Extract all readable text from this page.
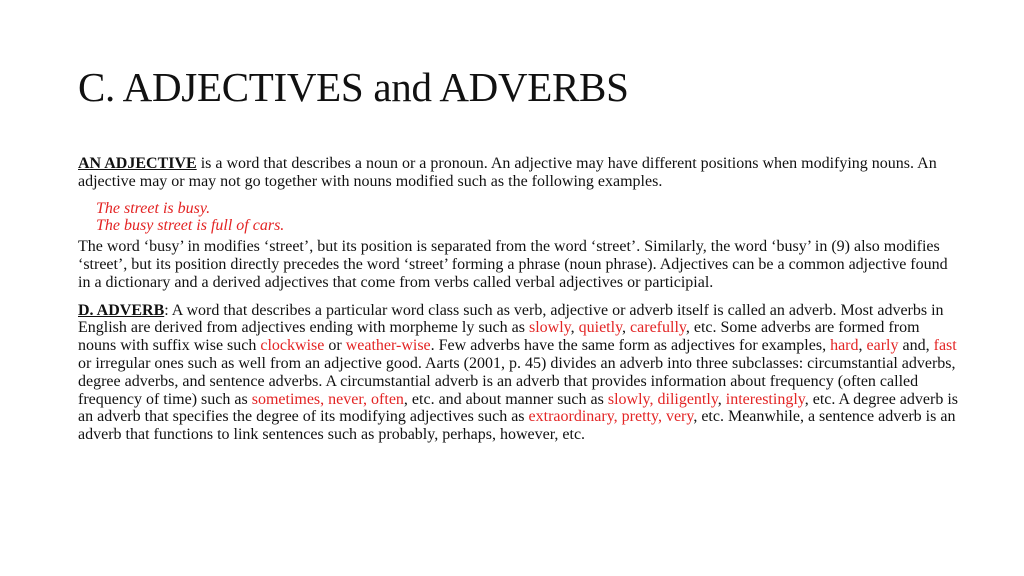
C. ADJECTIVES and ADVERBS

AN ADJECTIVE is a word that describes a noun or a pronoun. An adjective may have different positions when modifying nouns. An adjective may or may not go together with nouns modified such as the following examples.

The street is busy.
The busy street is full of cars.

The word ‘busy’ in modifies ‘street’, but its position is separated from the word ‘street’. Similarly, the word ‘busy’ in (9) also modifies ‘street’, but its position directly precedes the word ‘street’ forming a phrase (noun phrase). Adjectives can be a common adjective found in a dictionary and a derived adjectives that come from verbs called verbal adjectives or participial.

D. ADVERB: A word that describes a particular word class such as verb, adjective or adverb itself is called an adverb. Most adverbs in English are derived from adjectives ending with morpheme ly such as slowly, quietly, carefully, etc. Some adverbs are formed from nouns with suffix wise such clockwise or weather-wise. Few adverbs have the same form as adjectives for examples, hard, early and, fast or irregular ones such as well from an adjective good. Aarts (2001, p. 45) divides an adverb into three subclasses: circumstantial adverbs, degree adverbs, and sentence adverbs. A circumstantial adverb is an adverb that provides information about frequency (often called frequency of time) such as sometimes, never, often, etc. and about manner such as slowly, diligently, interestingly, etc. A degree adverb is an adverb that specifies the degree of its modifying adjectives such as extraordinary, pretty, very, etc. Meanwhile, a sentence adverb is an adverb that functions to link sentences such as probably, perhaps, however, etc.
